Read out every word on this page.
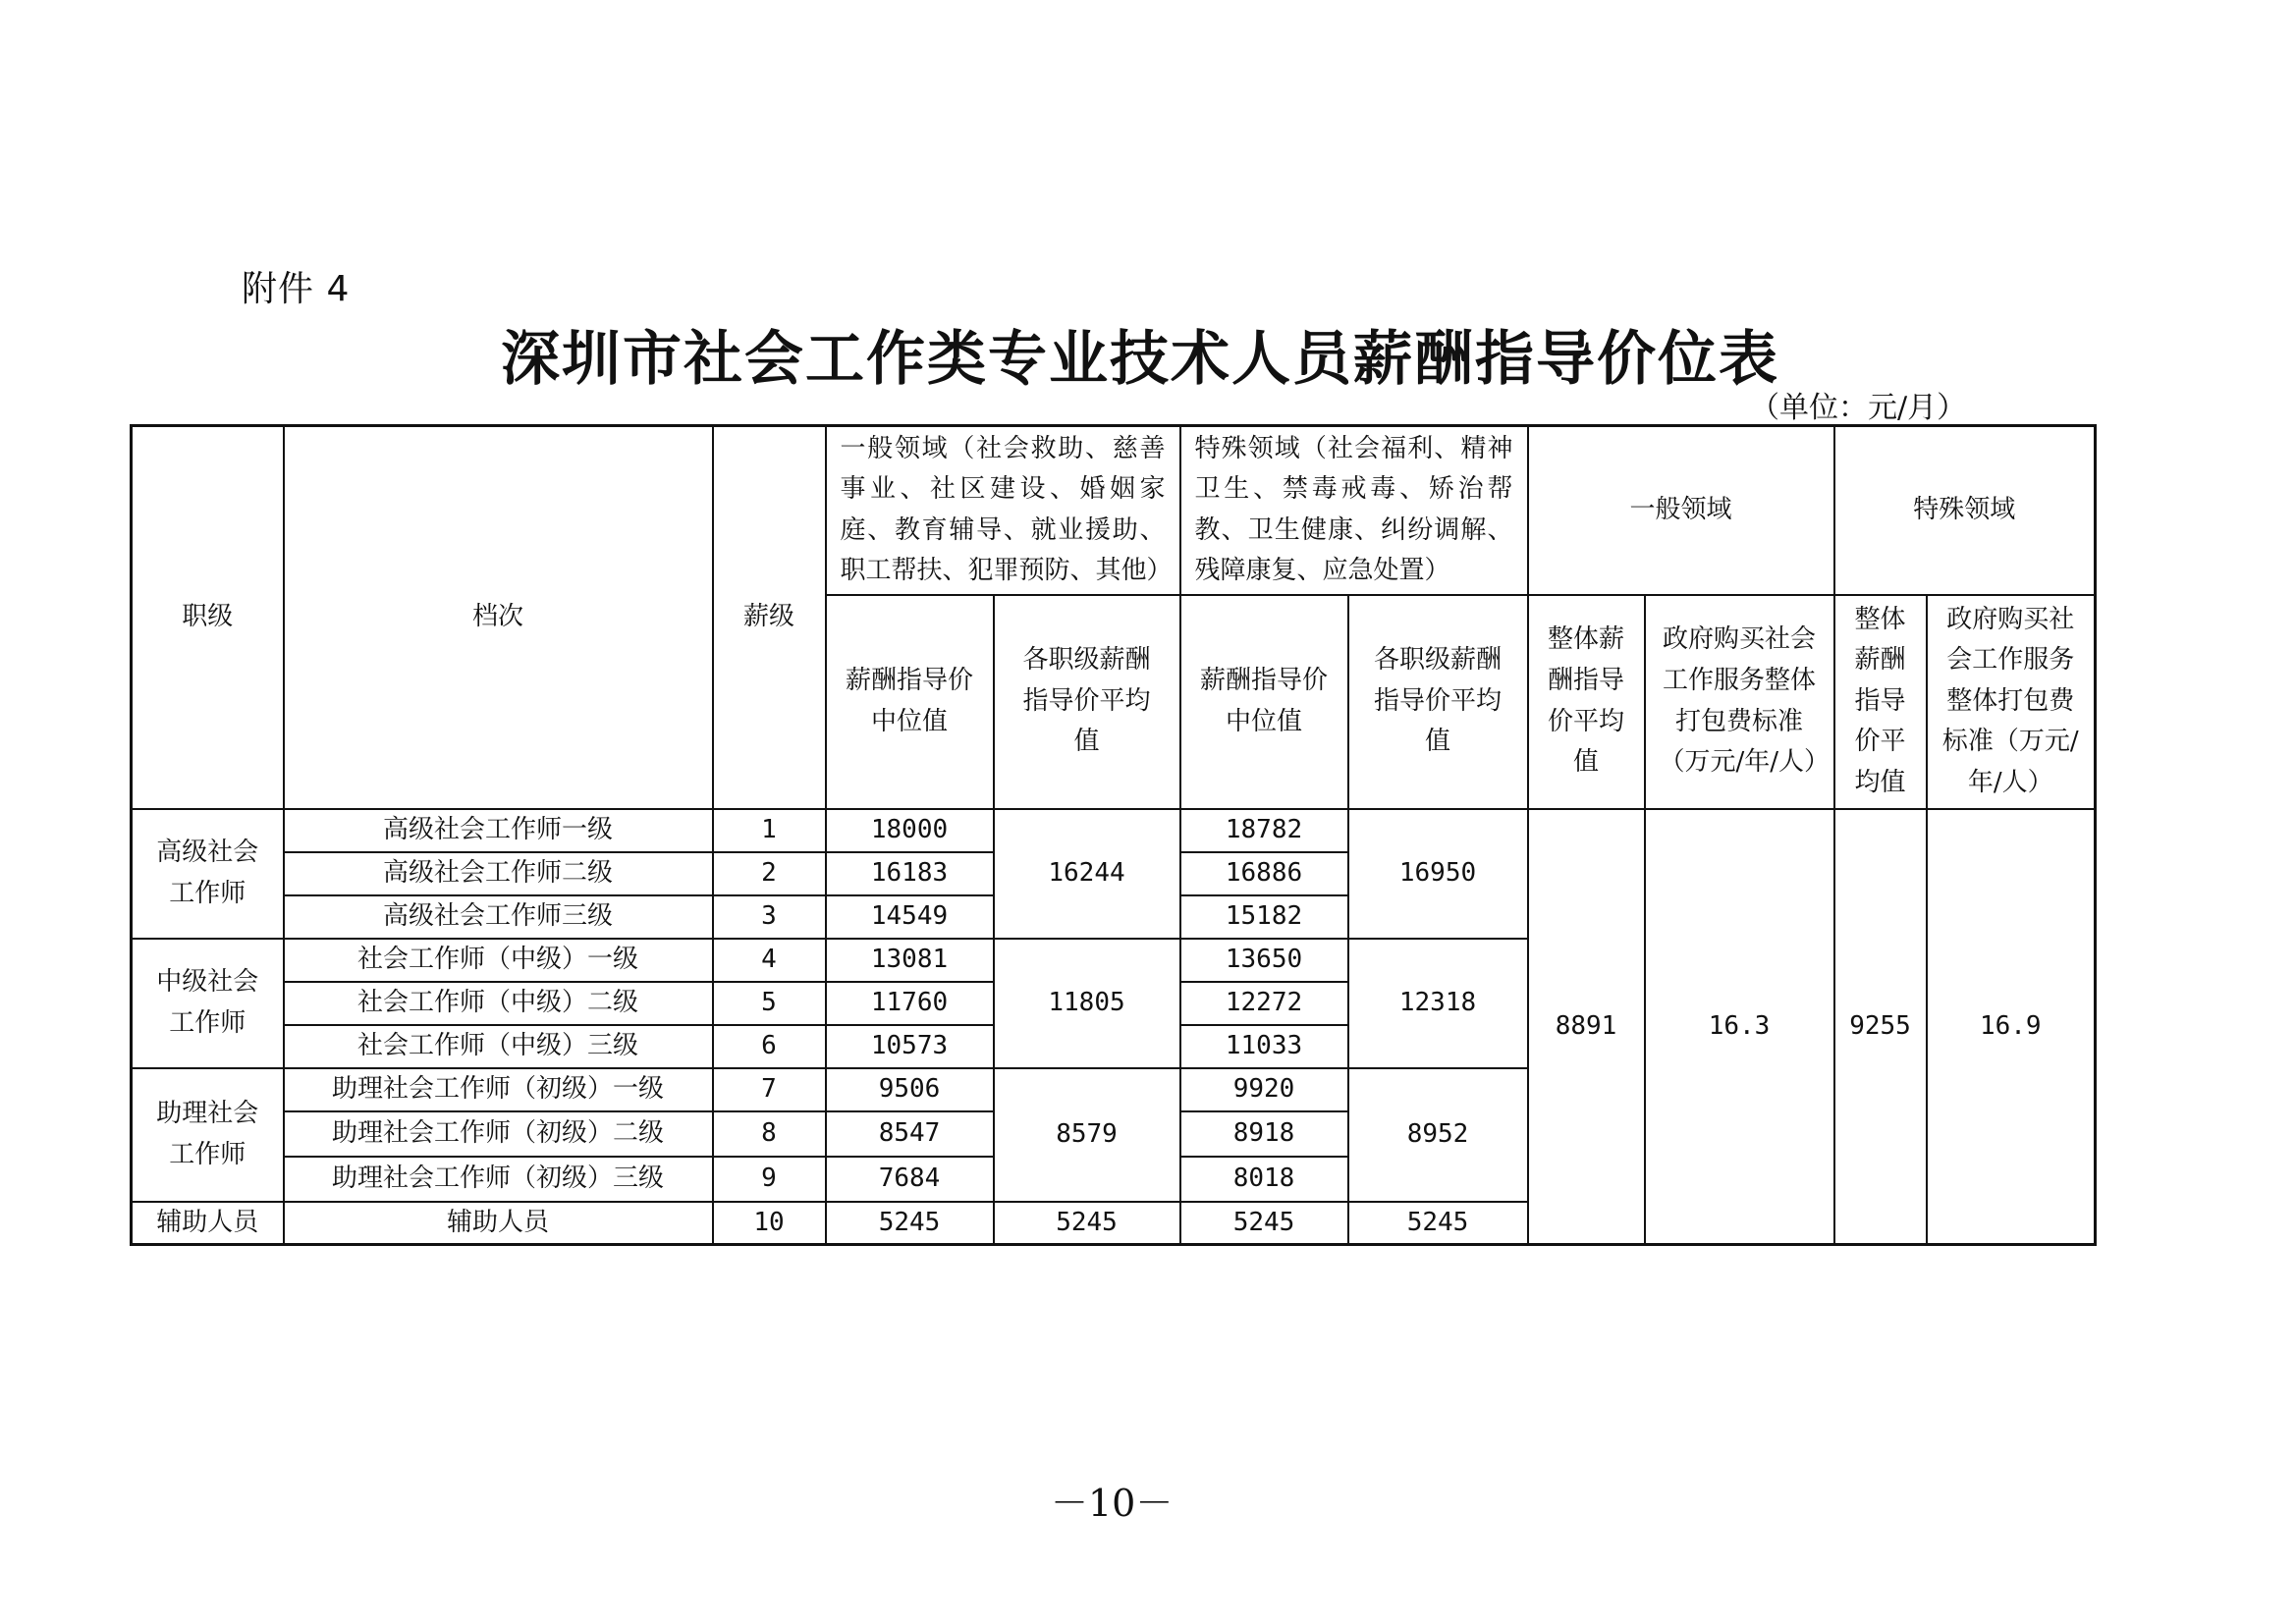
附件 4
深圳市社会工作类专业技术人员薪酬指导价位表
（单位：元/月）
职级	档次	薪级	一般领域（社会救助、慈善事业、社区建设、婚姻家庭、教育辅导、就业援助、职工帮扶、犯罪预防、其他）		特殊领域（社会福利、精神卫生、禁毒戒毒、矫治帮教、卫生健康、纠纷调解、残障康复、应急处置）		一般领域		特殊领域	
			薪酬指导价中位值	各职级薪酬指导价平均值	薪酬指导价中位值	各职级薪酬指导价平均值	整体薪酬指导价平均值	政府购买社会工作服务整体打包费标准（万元/年/人）	整体薪酬指导价平均值	政府购买社会工作服务整体打包费标准（万元/年/人）
高级社会工作师	高级社会工作师一级	1	18000	16244	18782	16950	8891	16.3	9255	16.9
	高级社会工作师二级	2	16183		16886					
	高级社会工作师三级	3	14549		15182					
中级社会工作师	社会工作师（中级）一级	4	13081	11805	13650	12318				
	社会工作师（中级）二级	5	11760		12272					
	社会工作师（中级）三级	6	10573		11033					
助理社会工作师	助理社会工作师（初级）一级	7	9506	8579	9920	8952				
	助理社会工作师（初级）二级	8	8547		8918					
	助理社会工作师（初级）三级	9	7684		8018					
辅助人员	辅助人员	10	5245	5245	5245	5245				
－10－
